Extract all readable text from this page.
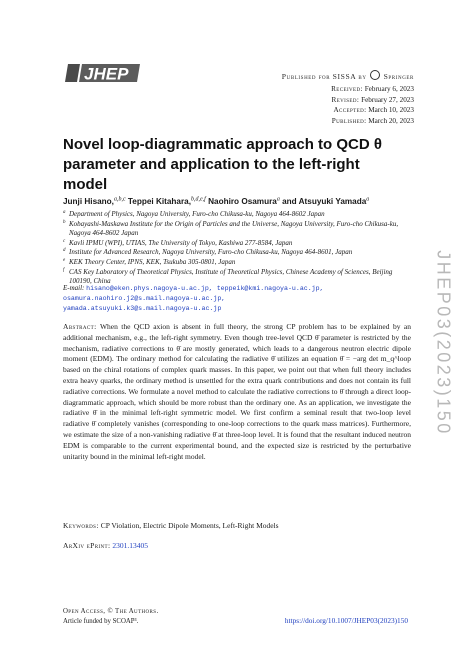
JHEP	Published for SISSA by Springer
Received: February 6, 2023
Revised: February 27, 2023
Accepted: March 10, 2023
Published: March 20, 2023
Novel loop-diagrammatic approach to QCD θ
parameter and application to the left-right model
Junji Hisano,$^{a,b,c}$ Teppei Kitahara,$^{b,d,e,f}$ Naohiro Osamura$^a$ and Atsuyuki Yamada$^a$
a Department of Physics, Nagoya University, Furo-cho Chikusa-ku, Nagoya 464-8602 Japan
b Kobayashi-Maskawa Institute for the Origin of Particles and the Universe, Nagoya University, Furo-cho Chikusa-ku, Nagoya 464-8602 Japan
c Kavli IPMU (WPI), UTIAS, The University of Tokyo, Kashiwa 277-8584, Japan
d Institute for Advanced Research, Nagoya University, Furo-cho Chikusa-ku, Nagoya 464-8601, Japan
e KEK Theory Center, IPNS, KEK, Tsukuba 305-0801, Japan
f CAS Key Laboratory of Theoretical Physics, Institute of Theoretical Physics, Chinese Academy of Sciences, Beijing 100190, China
E-mail: hisano@eken.phys.nagoya-u.ac.jp, teppeik@kmi.nagoya-u.ac.jp,
osamura.naohiro.j2@s.mail.nagoya-u.ac.jp,
yamada.atsuyuki.k3@s.mail.nagoya-u.ac.jp
Abstract: When the QCD axion is absent in full theory, the strong CP problem has to be explained by an additional mechanism, e.g., the left-right symmetry. Even though tree-level QCD θ̄ parameter is restricted by the mechanism, radiative corrections to θ̄ are mostly generated, which leads to a dangerous neutron electric dipole moment (EDM). The ordinary method for calculating the radiative θ̄ utilizes an equation θ̄ = −arg det m_q^loop based on the chiral rotations of complex quark masses. In this paper, we point out that when full theory includes extra heavy quarks, the ordinary method is unsettled for the extra quark contributions and does not contain its full radiative corrections. We formulate a novel method to calculate the radiative corrections to θ̄ through a direct loop-diagrammatic approach, which should be more robust than the ordinary one. As an application, we investigate the radiative θ̄ in the minimal left-right symmetric model. We first confirm a seminal result that two-loop level radiative θ̄ completely vanishes (corresponding to one-loop corrections to the quark mass matrices). Furthermore, we estimate the size of a non-vanishing radiative θ̄ at three-loop level. It is found that the resultant induced neutron EDM is comparable to the current experimental bound, and the expected size is restricted by the perturbative unitarity bound in the minimal left-right model.
Keywords: CP Violation, Electric Dipole Moments, Left-Right Models
ArXiv ePrint: 2301.13405
Open Access, © The Authors.
Article funded by SCOAP³.	https://doi.org/10.1007/JHEP03(2023)150
JHEP03(2023)150
